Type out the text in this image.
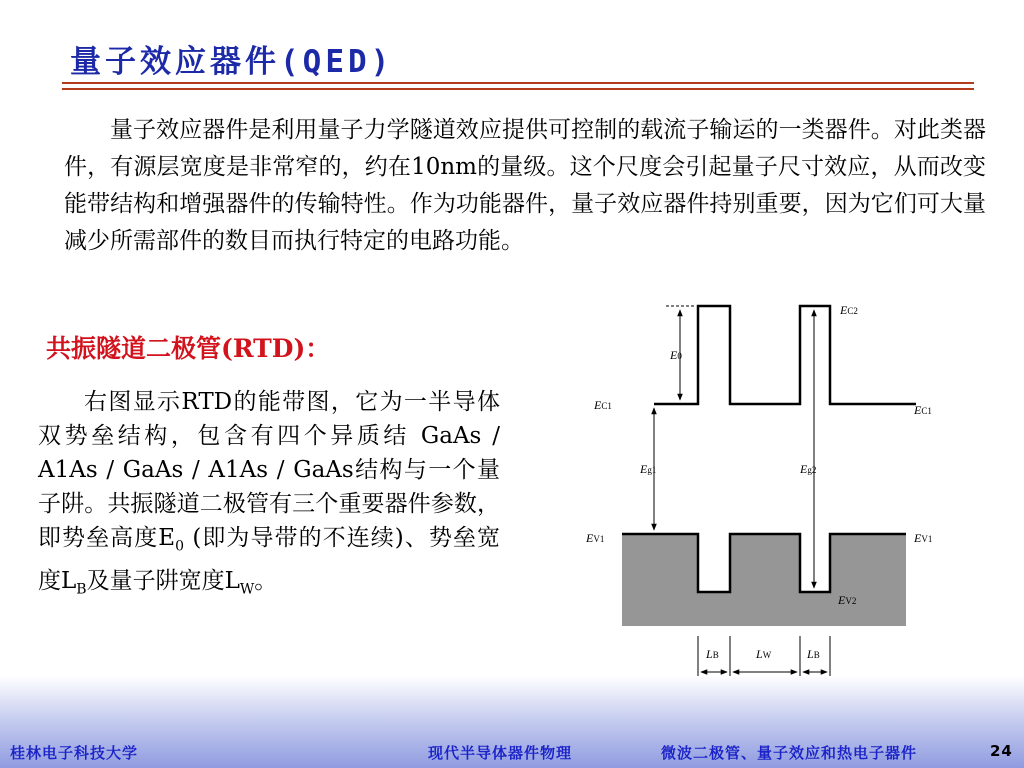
量子效应器件(QED)
量子效应器件是利用量子力学隧道效应提供可控制的载流子输运的一类器件。对此类器件，有源层宽度是非常窄的，约在10nm的量级。这个尺度会引起量子尺寸效应，从而改变能带结构和增强器件的传输特性。作为功能器件，量子效应器件持别重要，因为它们可大量减少所需部件的数目而执行特定的电路功能。
共振隧道二极管(RTD)：
右图显示RTD的能带图，它为一半导体双势垒结构，包含有四个异质结 GaAs / A1As / GaAs / A1As / GaAs结构与一个量子阱。共振隧道二极管有三个重要器件参数，即势垒高度$E_0$ (即为导带的不连续)、势垒宽度$L_B$及量子阱宽度$L_W$。
EC2
E0
EC1	EC1
Eg1	Eg2
EV1	EV1
EV2
LB	LW	LB
桂林电子科技大学	现代半导体器件物理	微波二极管、量子效应和热电子器件	24
